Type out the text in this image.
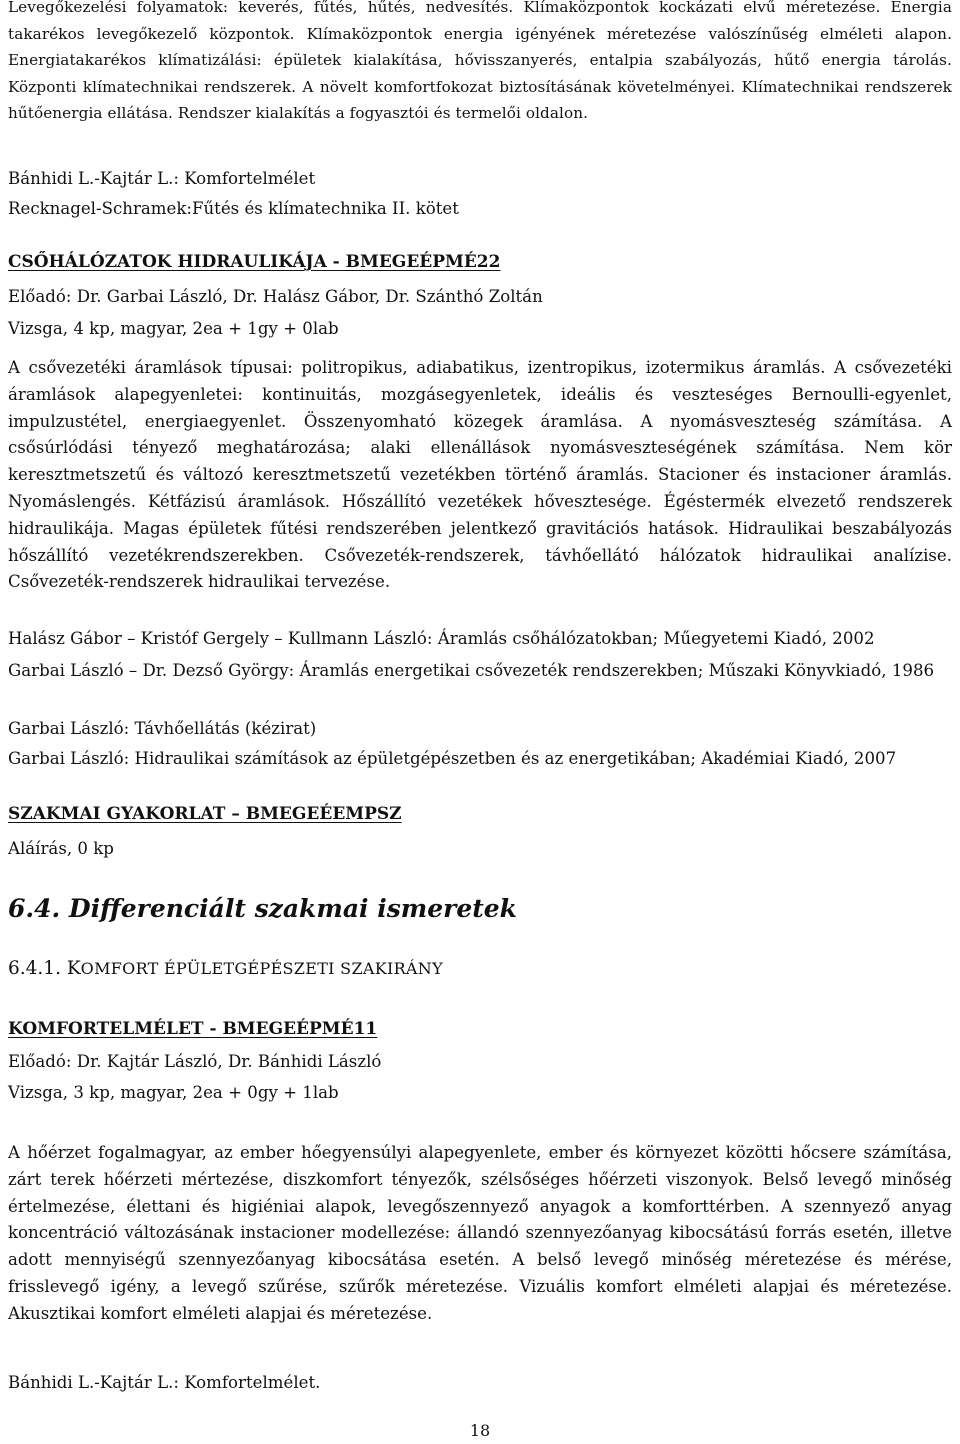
Levegőkezelési folyamatok: keverés, fűtés, hűtés, nedvesítés. Klímaközpontok kockázati elvű méretezése. Energia takarékos levegőkezelő központok. Klímaközpontok energia igényének méretezése valószínűség elméleti alapon. Energiatakarékos klímatizálási: épületek kialakítása, hővisszanyerés, entalpia szabályozás, hűtő energia tárolás. Központi klímatechnikai rendszerek. A növelt komfortfokozat biztosításának követelményei. Klímatechnikai rendszerek hűtőenergia ellátása. Rendszer kialakítás a fogyasztói és termelői oldalon.

Bánhidi L.-Kajtár L.: Komfortelmélet
Recknagel-Schramek:Fűtés és klímatechnika II. kötet
CSŐHÁLÓZATOK HIDRAULIKÁJA - BMEGEÉPMÉ22
Előadó: Dr. Garbai László, Dr. Halász Gábor, Dr. Szánthó Zoltán
Vizsga, 4 kp, magyar, 2ea + 1gy + 0lab

A csővezetéki áramlások típusai: politropikus, adiabatikus, izentropikus, izotermikus áramlás. A csővezetéki áramlások alapegyenletei: kontinuitás, mozgásegyenletek, ideális és veszteséges Bernoulli-egyenlet, impulzustétel, energiaegyenlet. Összenyomható közegek áramlása. A nyomásveszteség számítása. A csősúrlódási tényező meghatározása; alaki ellenállások nyomásveszteségének számítása. Nem kör keresztmetszetű és változó keresztmetszetű vezetékben történő áramlás. Stacioner és instacioner áramlás. Nyomáslengés. Kétfázisú áramlások. Hőszállító vezetékek hővesztesége. Égéstermék elvezető rendszerek hidraulikája. Magas épületek fűtési rendszerében jelentkező gravitációs hatások. Hidraulikai beszabályozás hőszállító vezetékrendszerekben. Csővezeték-rendszerek, távhőellátó hálózatok hidraulikai analízise. Csővezeték-rendszerek hidraulikai tervezése.

Halász Gábor – Kristóf Gergely – Kullmann László: Áramlás csőhálózatokban; Műegyetemi Kiadó, 2002

Garbai László – Dr. Dezső György: Áramlás energetikai csővezeték rendszerekben; Műszaki Könyvkiadó, 1986

Garbai László: Távhőellátás (kézirat)
Garbai László: Hidraulikai számítások az épületgépészetben és az energetikában; Akadémiai Kiadó, 2007
SZAKMAI GYAKORLAT – BMEGEÉEMPSZ
Aláírás, 0 kp
6.4. Differenciált szakmai ismeretek
6.4.1. KOMFORT ÉPÜLETGÉPÉSZETI SZAKIRÁNY
KOMFORTELMÉLET - BMEGEÉPMÉ11
Előadó: Dr. Kajtár László, Dr. Bánhidi László
Vizsga, 3 kp, magyar, 2ea + 0gy + 1lab

A hőérzet fogalmagyar, az ember hőegyensúlyi alapegyenlete, ember és környezet közötti hőcsere számítása, zárt terek hőérzeti mértezése, diszkomfort tényezők, szélsőséges hőérzeti viszonyok. Belső levegő minőség értelmezése, élettani és higiéniai alapok, levegőszennyező anyagok a komforttérben. A szennyező anyag koncentráció változásának instacioner modellezése: állandó szennyezőanyag kibocsátású forrás esetén, illetve adott mennyiségű szennyezőanyag kibocsátása esetén. A belső levegő minőség méretezése és mérése, frisslevegő igény, a levegő szűrése, szűrők méretezése. Vizuális komfort elméleti alapjai és méretezése. Akusztikai komfort elméleti alapjai és méretezése.

Bánhidi L.-Kajtár L.: Komfortelmélet.
18
